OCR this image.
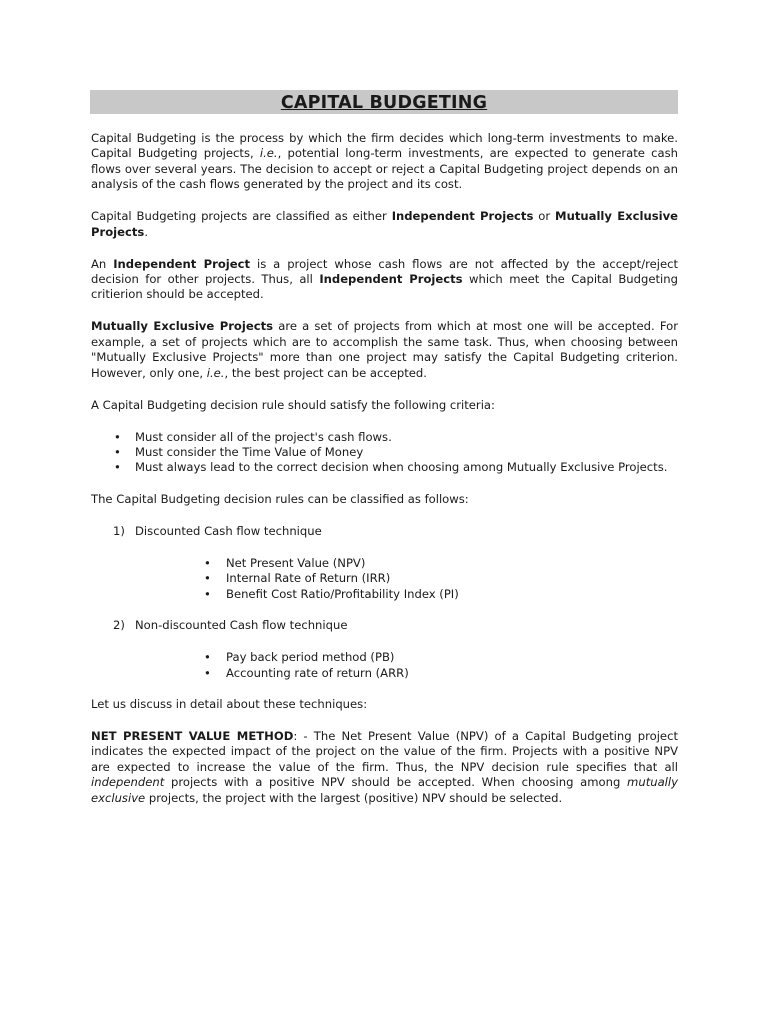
CAPITAL BUDGETING

Capital Budgeting is the process by which the firm decides which long-term investments to make. Capital Budgeting projects, i.e., potential long-term investments, are expected to generate cash flows over several years. The decision to accept or reject a Capital Budgeting project depends on an analysis of the cash flows generated by the project and its cost.

Capital Budgeting projects are classified as either Independent Projects or Mutually Exclusive Projects.

An Independent Project is a project whose cash flows are not affected by the accept/reject decision for other projects. Thus, all Independent Projects which meet the Capital Budgeting critierion should be accepted.

Mutually Exclusive Projects are a set of projects from which at most one will be accepted. For example, a set of projects which are to accomplish the same task. Thus, when choosing between "Mutually Exclusive Projects" more than one project may satisfy the Capital Budgeting criterion. However, only one, i.e., the best project can be accepted.

A Capital Budgeting decision rule should satisfy the following criteria:

• Must consider all of the project's cash flows.
• Must consider the Time Value of Money
• Must always lead to the correct decision when choosing among Mutually Exclusive Projects.

The Capital Budgeting decision rules can be classified as follows:

1) Discounted Cash flow technique
• Net Present Value (NPV)
• Internal Rate of Return (IRR)
• Benefit Cost Ratio/Profitability Index (PI)
2) Non-discounted Cash flow technique
• Pay back period method (PB)
• Accounting rate of return (ARR)

Let us discuss in detail about these techniques:

NET PRESENT VALUE METHOD: - The Net Present Value (NPV) of a Capital Budgeting project indicates the expected impact of the project on the value of the firm. Projects with a positive NPV are expected to increase the value of the firm. Thus, the NPV decision rule specifies that all independent projects with a positive NPV should be accepted. When choosing among mutually exclusive projects, the project with the largest (positive) NPV should be selected.
